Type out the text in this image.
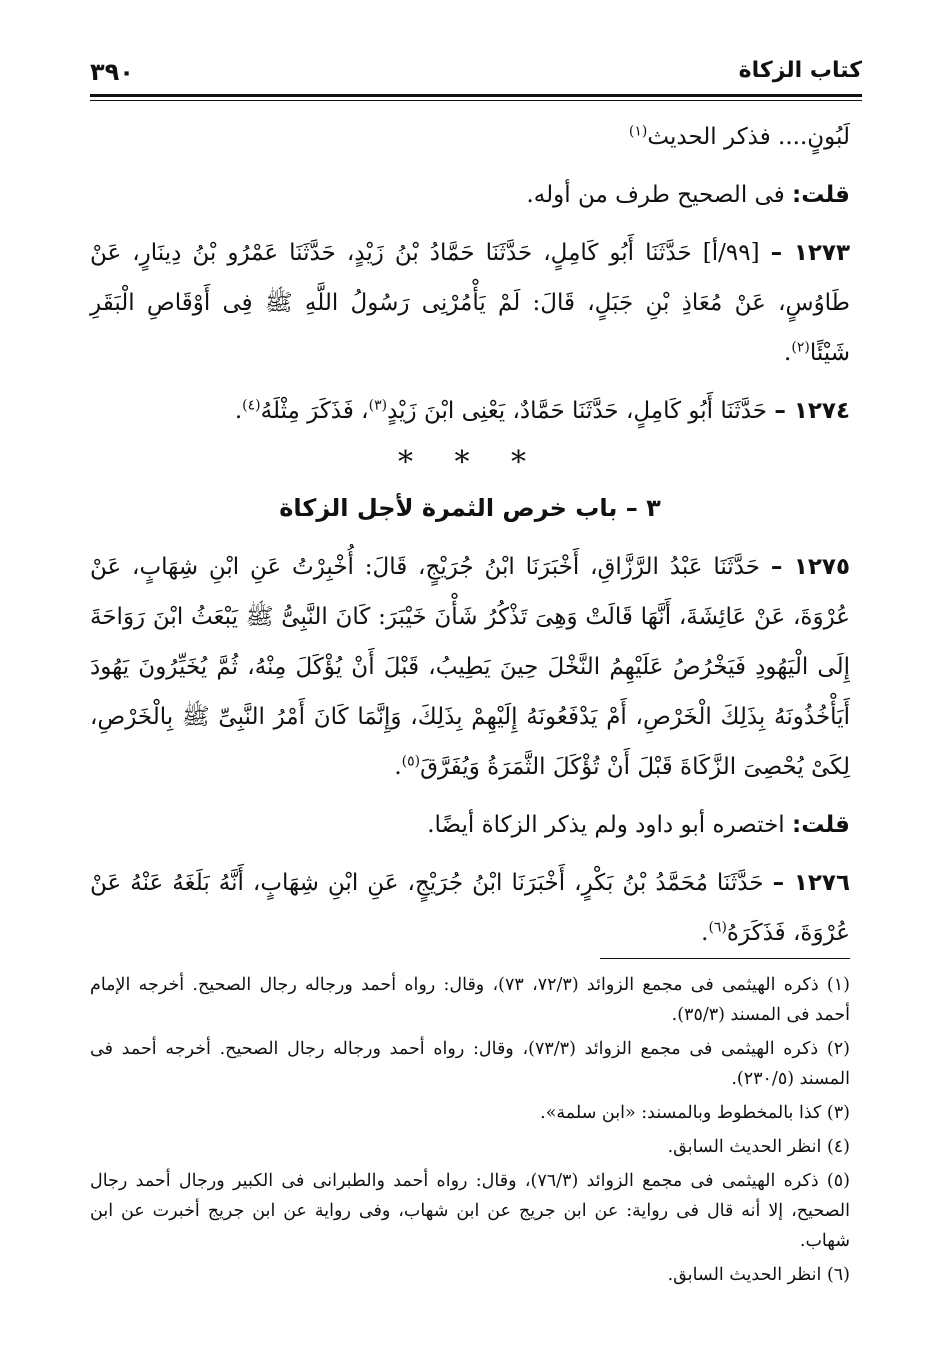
كتاب الزكاة
٣٩٠

لَبُونٍ.... فذكر الحديث$^{(١)}$

قلت: فى الصحيح طرف من أوله.

١٢٧٣ – [٩٩/أ] حَدَّثَنَا أَبُو كَامِلٍ، حَدَّثَنَا حَمَّادُ بْنُ زَيْدٍ، حَدَّثَنَا عَمْرُو بْنُ دِينَارٍ، عَنْ طَاوُسٍ، عَنْ مُعَاذِ بْنِ جَبَلٍ، قَالَ: لَمْ يَأْمُرْنِى رَسُولُ اللَّهِ ﷺ فِى أَوْقَاصِ الْبَقَرِ شَيْئًا$^{(٢)}$.

١٢٧٤ – حَدَّثَنَا أَبُو كَامِلٍ، حَدَّثَنَا حَمَّادٌ، يَعْنِى ابْنَ زَيْدٍ$^{(٣)}$، فَذَكَرَ مِثْلَهُ$^{(٤)}$.

* * *
٣ – باب خرص الثمرة لأجل الزكاة

١٢٧٥ – حَدَّثَنَا عَبْدُ الرَّزَّاقِ، أَخْبَرَنَا ابْنُ جُرَيْجٍ، قَالَ: أُخْبِرْتُ عَنِ ابْنِ شِهَابٍ، عَنْ عُرْوَةَ، عَنْ عَائِشَةَ، أَنَّهَا قَالَتْ وَهِىَ تَذْكُرُ شَأْنَ خَيْبَرَ: كَانَ النَّبِىُّ ﷺ يَبْعَثُ ابْنَ رَوَاحَةَ إِلَى الْيَهُودِ فَيَخْرُصُ عَلَيْهِمُ النَّخْلَ حِينَ يَطِيبُ، قَبْلَ أَنْ يُؤْكَلَ مِنْهُ، ثُمَّ يُخَيِّرُونَ يَهُودَ أَيَأْخُذُونَهُ بِذَلِكَ الْخَرْصِ، أَمْ يَدْفَعُونَهُ إِلَيْهِمْ بِذَلِكَ، وَإِنَّمَا كَانَ أَمْرُ النَّبِىِّ ﷺ بِالْخَرْصِ، لِكَىْ يُحْصِىَ الزَّكَاةَ قَبْلَ أَنْ تُؤْكَلَ الثَّمَرَةُ وَيُفَرَّقَ$^{(٥)}$.

قلت: اختصره أبو داود ولم يذكر الزكاة أيضًا.

١٢٧٦ – حَدَّثَنَا مُحَمَّدُ بْنُ بَكْرٍ، أَخْبَرَنَا ابْنُ جُرَيْجٍ، عَنِ ابْنِ شِهَابٍ، أَنَّهُ بَلَغَهُ عَنْهُ عَنْ عُرْوَةَ، فَذَكَرَهُ$^{(٦)}$.

(١) ذكره الهيثمى فى مجمع الزوائد (٧٢/٣، ٧٣)، وقال: رواه أحمد ورجاله رجال الصحيح. أخرجه الإمام أحمد فى المسند (٣٥/٣).
(٢) ذكره الهيثمى فى مجمع الزوائد (٧٣/٣)، وقال: رواه أحمد ورجاله رجال الصحيح. أخرجه أحمد فى المسند (٢٣٠/٥).
(٣) كذا بالمخطوط وبالمسند: «ابن سلمة».
(٤) انظر الحديث السابق.
(٥) ذكره الهيثمى فى مجمع الزوائد (٧٦/٣)، وقال: رواه أحمد والطبرانى فى الكبير ورجال أحمد رجال الصحيح، إلا أنه قال فى رواية: عن ابن جريج عن ابن شهاب، وفى رواية عن ابن جريج أخبرت عن ابن شهاب.
(٦) انظر الحديث السابق.
